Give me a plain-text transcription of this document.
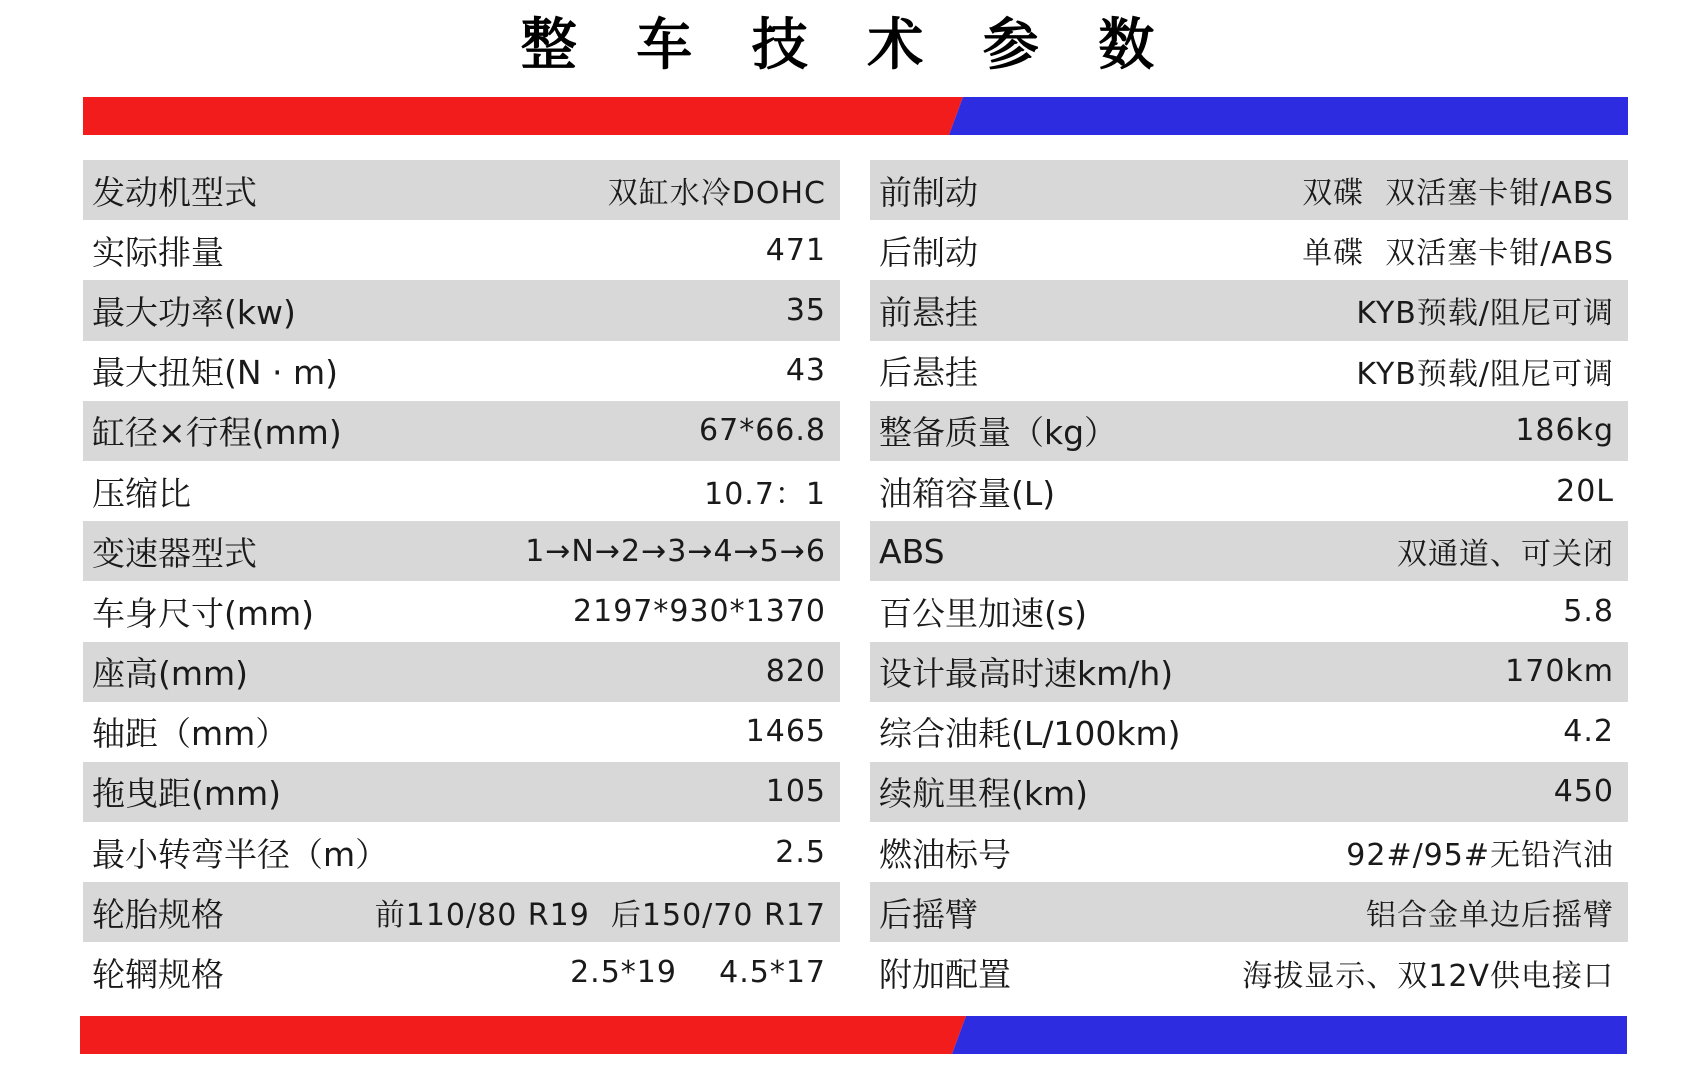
整 车 技 术 参 数
发动机型式	双缸水冷DOHC
实际排量	471
最大功率(kw)	35
最大扭矩(N · m)	43
缸径×行程(mm)	67*66.8
压缩比	10.7：1
变速器型式	1→N→2→3→4→5→6
车身尺寸(mm)	2197*930*1370
座高(mm)	820
轴距（mm）	1465
拖曳距(mm)	105
最小转弯半径（m）	2.5
轮胎规格	前110/80 R19  后150/70 R17
轮辋规格	2.5*19    4.5*17
前制动	双碟  双活塞卡钳/ABS
后制动	单碟  双活塞卡钳/ABS
前悬挂	KYB预载/阻尼可调
后悬挂	KYB预载/阻尼可调
整备质量（kg）	186kg
油箱容量(L)	20L
ABS	双通道、可关闭
百公里加速(s)	5.8
设计最高时速km/h)	170km
综合油耗(L/100km)	4.2
续航里程(km)	450
燃油标号	92#/95#无铅汽油
后摇臂	铝合金单边后摇臂
附加配置	海拔显示、双12V供电接口
